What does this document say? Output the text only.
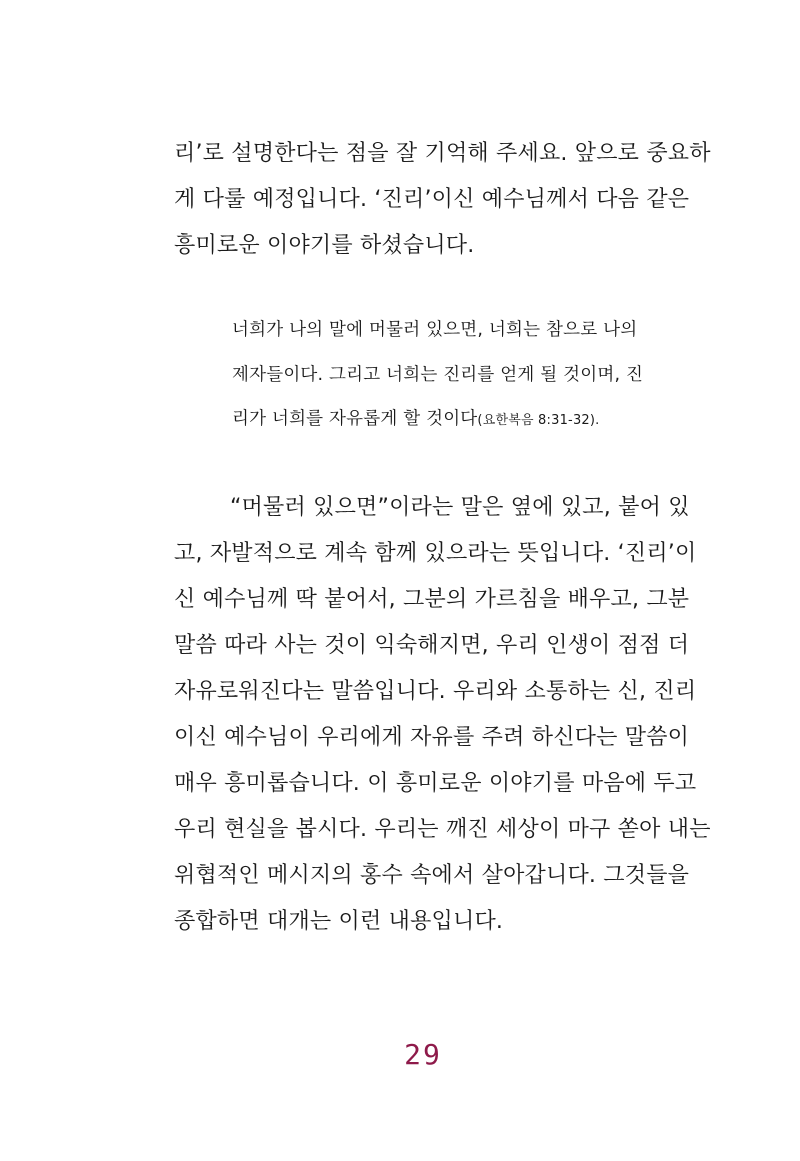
리’로 설명한다는 점을 잘 기억해 주세요. 앞으로 중요하
게 다룰 예정입니다. ‘진리’이신 예수님께서 다음 같은
흥미로운 이야기를 하셨습니다.
너희가 나의 말에 머물러 있으면, 너희는 참으로 나의
제자들이다. 그리고 너희는 진리를 얻게 될 것이며, 진
리가 너희를 자유롭게 할 것이다(요한복음 8:31-32).
“머물러 있으면”이라는 말은 옆에 있고, 붙어 있
고, 자발적으로 계속 함께 있으라는 뜻입니다. ‘진리’이
신 예수님께 딱 붙어서, 그분의 가르침을 배우고, 그분
말씀 따라 사는 것이 익숙해지면, 우리 인생이 점점 더
자유로워진다는 말씀입니다. 우리와 소통하는 신, 진리
이신 예수님이 우리에게 자유를 주려 하신다는 말씀이
매우 흥미롭습니다. 이 흥미로운 이야기를 마음에 두고
우리 현실을 봅시다. 우리는 깨진 세상이 마구 쏟아 내는
위협적인 메시지의 홍수 속에서 살아갑니다. 그것들을
종합하면 대개는 이런 내용입니다.
29
